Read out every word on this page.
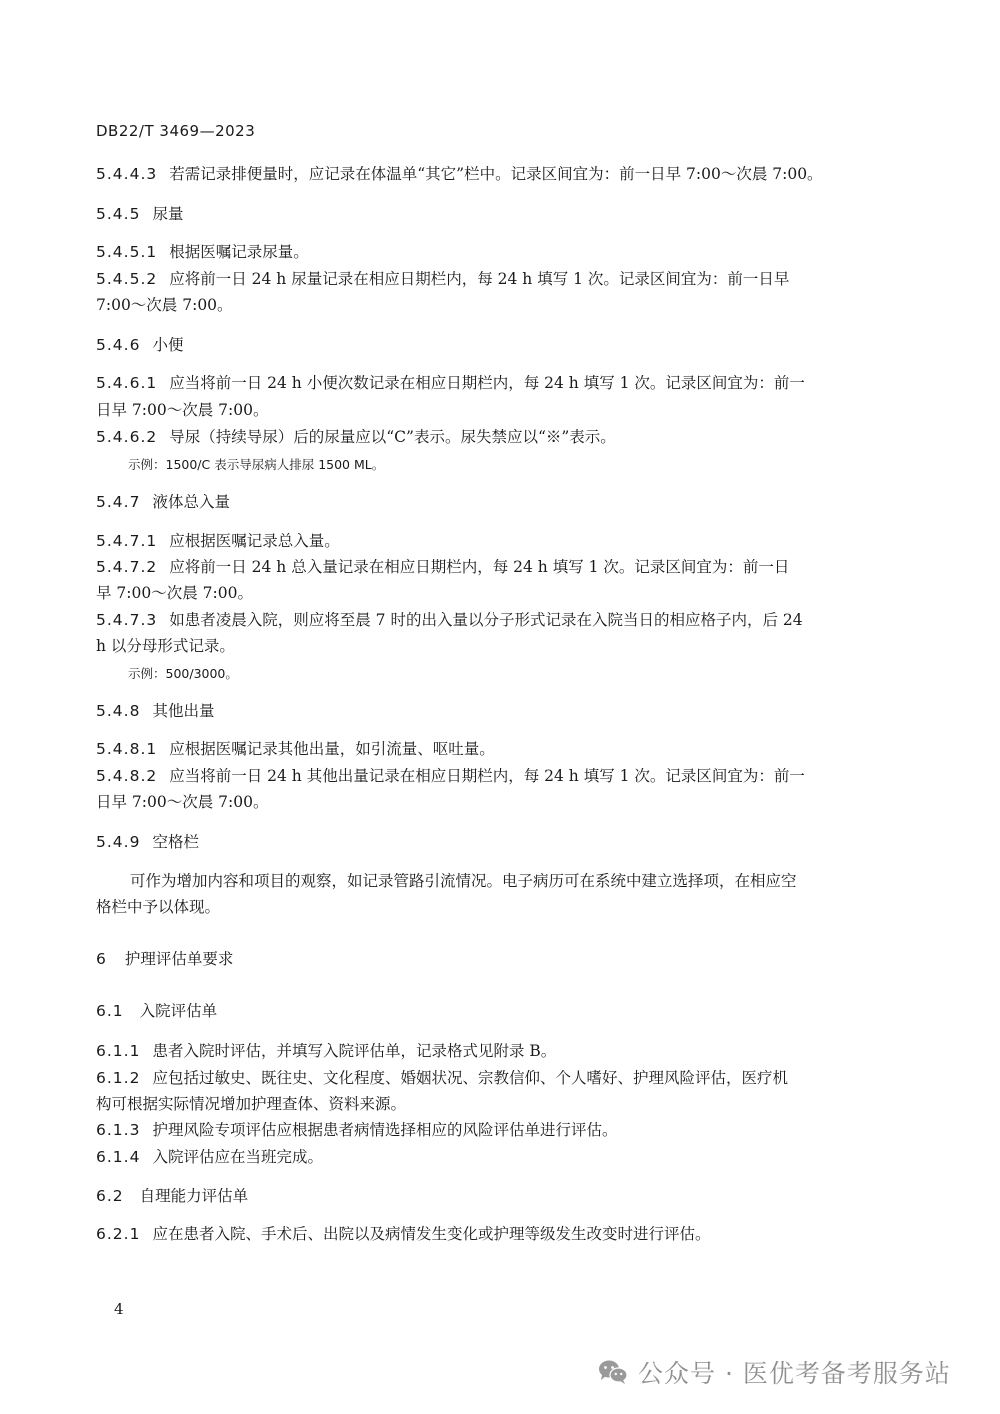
DB22/T 3469—2023
5.4.4.3 若需记录排便量时，应记录在体温单“其它”栏中。记录区间宜为：前一日早 7:00～次晨 7:00。
5.4.5 尿量
5.4.5.1 根据医嘱记录尿量。
5.4.5.2 应将前一日 24 h 尿量记录在相应日期栏内，每 24 h 填写 1 次。记录区间宜为：前一日早
7:00～次晨 7:00。
5.4.6 小便
5.4.6.1 应当将前一日 24 h 小便次数记录在相应日期栏内，每 24 h 填写 1 次。记录区间宜为：前一
日早 7:00～次晨 7:00。
5.4.6.2 导尿（持续导尿）后的尿量应以“C”表示。尿失禁应以“※”表示。
示例：1500/C 表示导尿病人排尿 1500 ML。
5.4.7 液体总入量
5.4.7.1 应根据医嘱记录总入量。
5.4.7.2 应将前一日 24 h 总入量记录在相应日期栏内，每 24 h 填写 1 次。记录区间宜为：前一日
早 7:00～次晨 7:00。
5.4.7.3 如患者凌晨入院，则应将至晨 7 时的出入量以分子形式记录在入院当日的相应格子内，后 24
h 以分母形式记录。
示例：500/3000。
5.4.8 其他出量
5.4.8.1 应根据医嘱记录其他出量，如引流量、呕吐量。
5.4.8.2 应当将前一日 24 h 其他出量记录在相应日期栏内，每 24 h 填写 1 次。记录区间宜为：前一
日早 7:00～次晨 7:00。
5.4.9 空格栏
可作为增加内容和项目的观察，如记录管路引流情况。电子病历可在系统中建立选择项，在相应空
格栏中予以体现。
6 护理评估单要求
6.1 入院评估单
6.1.1 患者入院时评估，并填写入院评估单，记录格式见附录 B。
6.1.2 应包括过敏史、既往史、文化程度、婚姻状况、宗教信仰、个人嗜好、护理风险评估，医疗机
构可根据实际情况增加护理查体、资料来源。
6.1.3 护理风险专项评估应根据患者病情选择相应的风险评估单进行评估。
6.1.4 入院评估应在当班完成。
6.2 自理能力评估单
6.2.1 应在患者入院、手术后、出院以及病情发生变化或护理等级发生改变时进行评估。
4
公众号 · 医优考备考服务站
